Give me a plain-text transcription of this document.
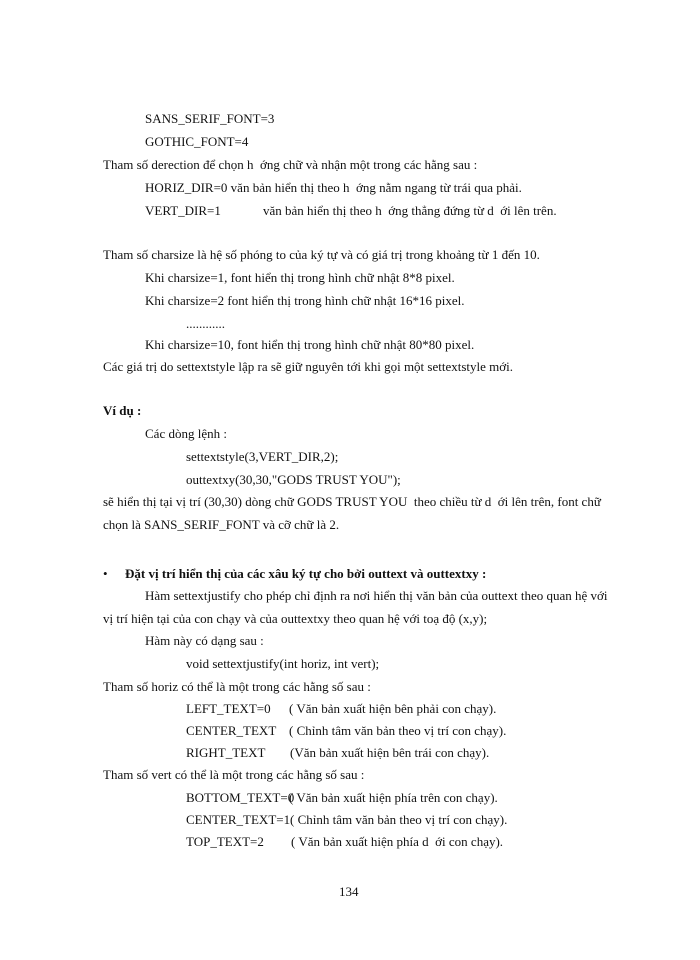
SANS_SERIF_FONT=3
GOTHIC_FONT=4
Tham số derection để chọn h  ớng chữ và nhận một trong các hằng sau :
HORIZ_DIR=0 văn bản hiển thị theo h  ớng nằm ngang từ trái qua phải.
VERT_DIR=1	văn bản hiển thị theo h  ớng thẳng đứng từ d  ới lên trên.
Tham số charsize là hệ số phóng to của ký tự và có giá trị trong khoảng từ 1 đến 10.
Khi charsize=1, font hiển thị trong hình chữ nhật 8*8 pixel.
Khi charsize=2 font hiển thị trong hình chữ nhật 16*16 pixel.
............
Khi charsize=10, font hiển thị trong hình chữ nhật 80*80 pixel.
Các giá trị do settextstyle lập ra sẽ giữ nguyên tới khi gọi một settextstyle mới.
Ví dụ :
Các dòng lệnh :
settextstyle(3,VERT_DIR,2);
outtextxy(30,30,"GODS TRUST YOU");
sẽ hiển thị tại vị trí (30,30) dòng chữ GODS TRUST YOU  theo chiều từ d  ới lên trên, font chữ
chọn là SANS_SERIF_FONT và cỡ chữ là 2.
• Đặt vị trí hiển thị của các xâu ký tự cho bởi outtext và outtextxy :
Hàm settextjustify cho phép chỉ định ra nơi hiển thị văn bản của outtext theo quan hệ với
vị trí hiện tại của con chạy và của outtextxy theo quan hệ với toạ độ (x,y);
Hàm này có dạng sau :
void settextjustify(int horiz, int vert);
Tham số horiz có thể là một trong các hằng số sau :
LEFT_TEXT=0 ( Văn bản xuất hiện bên phải con chạy).
CENTER_TEXT ( Chỉnh tâm văn bản theo vị trí con chạy).
RIGHT_TEXT (Văn bản xuất hiện bên trái con chạy).
Tham số vert có thể là một trong các hằng số sau :
BOTTOM_TEXT=0
( Văn bản xuất hiện phía trên con chạy).
CENTER_TEXT=1 ( Chỉnh tâm văn bản theo vị trí con chạy).
TOP_TEXT=2 ( Văn bản xuất hiện phía d  ới con chạy).
134
